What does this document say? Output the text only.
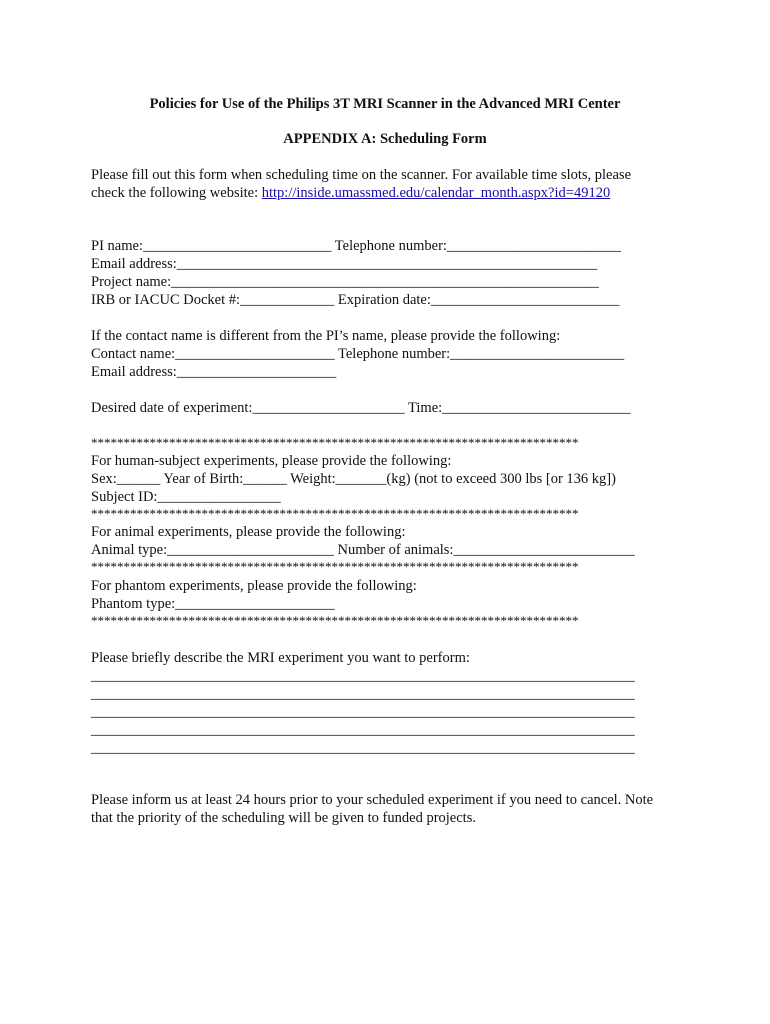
Policies for Use of the Philips 3T MRI Scanner in the Advanced MRI Center
APPENDIX A: Scheduling Form
Please fill out this form when scheduling time on the scanner. For available time slots, please
check the following website: http://inside.umassmed.edu/calendar_month.aspx?id=49120
PI name:__________________________ Telephone number:________________________
Email address:__________________________________________________________
Project name:___________________________________________________________
IRB or IACUC Docket #:_____________ Expiration date:__________________________
If the contact name is different from the PI’s name, please provide the following:
Contact name:______________________ Telephone number:________________________
Email address:______________________
Desired date of experiment:_____________________ Time:__________________________
***************************************************************************
For human-subject experiments, please provide the following:
Sex:______ Year of Birth:______ Weight:_______(kg) (not to exceed 300 lbs [or 136 kg])
Subject ID:_________________
***************************************************************************
For animal experiments, please provide the following:
Animal type:_______________________ Number of animals:_________________________
***************************************************************************
For phantom experiments, please provide the following:
Phantom type:______________________
***************************************************************************
Please briefly describe the MRI experiment you want to perform:
___________________________________________________________________________
___________________________________________________________________________
___________________________________________________________________________
___________________________________________________________________________
___________________________________________________________________________
Please inform us at least 24 hours prior to your scheduled experiment if you need to cancel. Note
that the priority of the scheduling will be given to funded projects.
